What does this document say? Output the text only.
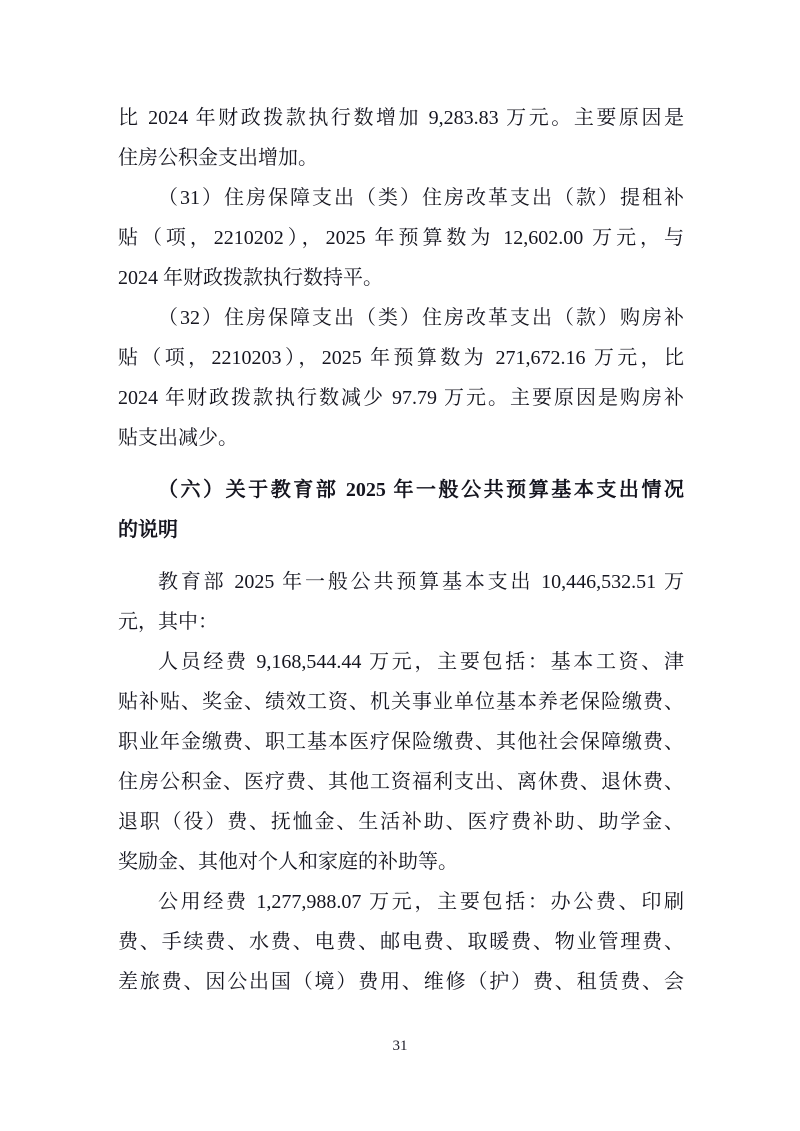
比 2024 年财政拨款执行数增加 9,283.83 万元。主要原因是
住房公积金支出增加。
（31）住房保障支出（类）住房改革支出（款）提租补
贴（项，2210202），2025 年预算数为 12,602.00 万元，与
2024 年财政拨款执行数持平。
（32）住房保障支出（类）住房改革支出（款）购房补
贴（项，2210203），2025 年预算数为 271,672.16 万元，比
2024 年财政拨款执行数减少 97.79 万元。主要原因是购房补
贴支出减少。
（六）关于教育部 2025 年一般公共预算基本支出情况
的说明
教育部 2025 年一般公共预算基本支出 10,446,532.51 万
元，其中：
人员经费 9,168,544.44 万元，主要包括：基本工资、津
贴补贴、奖金、绩效工资、机关事业单位基本养老保险缴费、
职业年金缴费、职工基本医疗保险缴费、其他社会保障缴费、
住房公积金、医疗费、其他工资福利支出、离休费、退休费、
退职（役）费、抚恤金、生活补助、医疗费补助、助学金、
奖励金、其他对个人和家庭的补助等。
公用经费 1,277,988.07 万元，主要包括：办公费、印刷
费、手续费、水费、电费、邮电费、取暖费、物业管理费、
差旅费、因公出国（境）费用、维修（护）费、租赁费、会
31
